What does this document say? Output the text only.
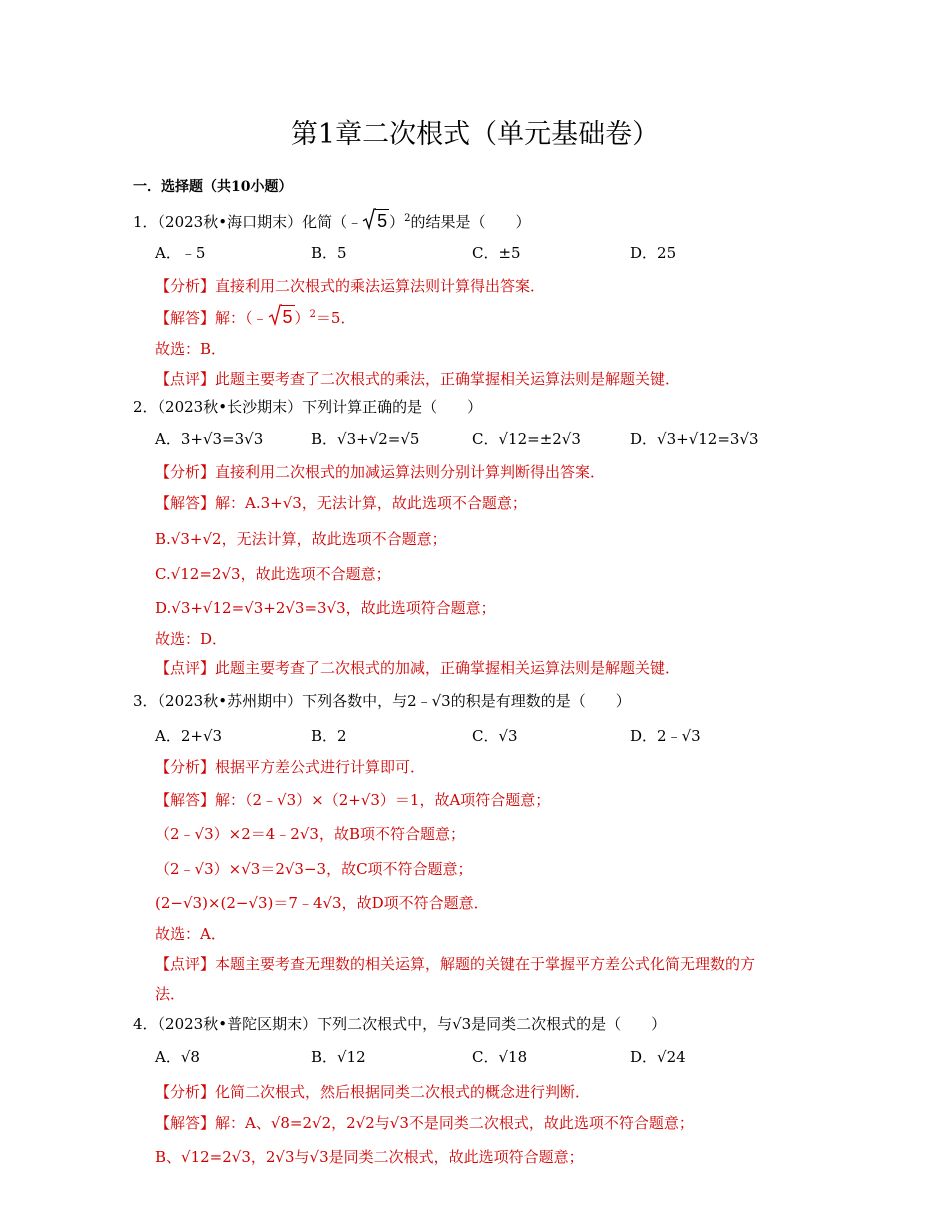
第1章二次根式（单元基础卷）
一．选择题（共10小题）
1．（2023秋•海口期末）化简（﹣ 5 ）$^2$的结果是（　　）
A．﹣5	B．5	C．±5	D．25
【分析】直接利用二次根式的乘法运算法则计算得出答案．
【解答】解：（﹣ 5 ）$^2$＝5．
故选：B．
【点评】此题主要考查了二次根式的乘法，正确掌握相关运算法则是解题关键．
2．（2023秋•长沙期末）下列计算正确的是（　　）
A．3+√3=3√3	B．√3+√2=√5	C．√12=±2√3	D．√3+√12=3√3
【分析】直接利用二次根式的加减运算法则分别计算判断得出答案．
【解答】解：A.3+√3，无法计算，故此选项不合题意；
B.√3+√2，无法计算，故此选项不合题意；
C.√12=2√3，故此选项不合题意；
D.√3+√12=√3+2√3=3√3，故此选项符合题意；
故选：D．
【点评】此题主要考查了二次根式的加减，正确掌握相关运算法则是解题关键．
3．（2023秋•苏州期中）下列各数中，与2﹣√3的积是有理数的是（　　）
A．2+√3	B．2	C．√3	D．2﹣√3
【分析】根据平方差公式进行计算即可．
【解答】解：（2﹣√3）×（2+√3）＝1，故A项符合题意；
（2﹣√3）×2＝4﹣2√3，故B项不符合题意；
（2﹣√3）×√3＝2√3−3，故C项不符合题意；
(2−√3)×(2−√3)＝7﹣4√3，故D项不符合题意．
故选：A．
【点评】本题主要考查无理数的相关运算，解题的关键在于掌握平方差公式化简无理数的方
法．
4．（2023秋•普陀区期末）下列二次根式中，与√3是同类二次根式的是（　　）
A．√8	B．√12	C．√18	D．√24
【分析】化简二次根式，然后根据同类二次根式的概念进行判断．
【解答】解：A、√8=2√2，2√2与√3不是同类二次根式，故此选项不符合题意；
B、√12=2√3，2√3与√3是同类二次根式，故此选项符合题意；
